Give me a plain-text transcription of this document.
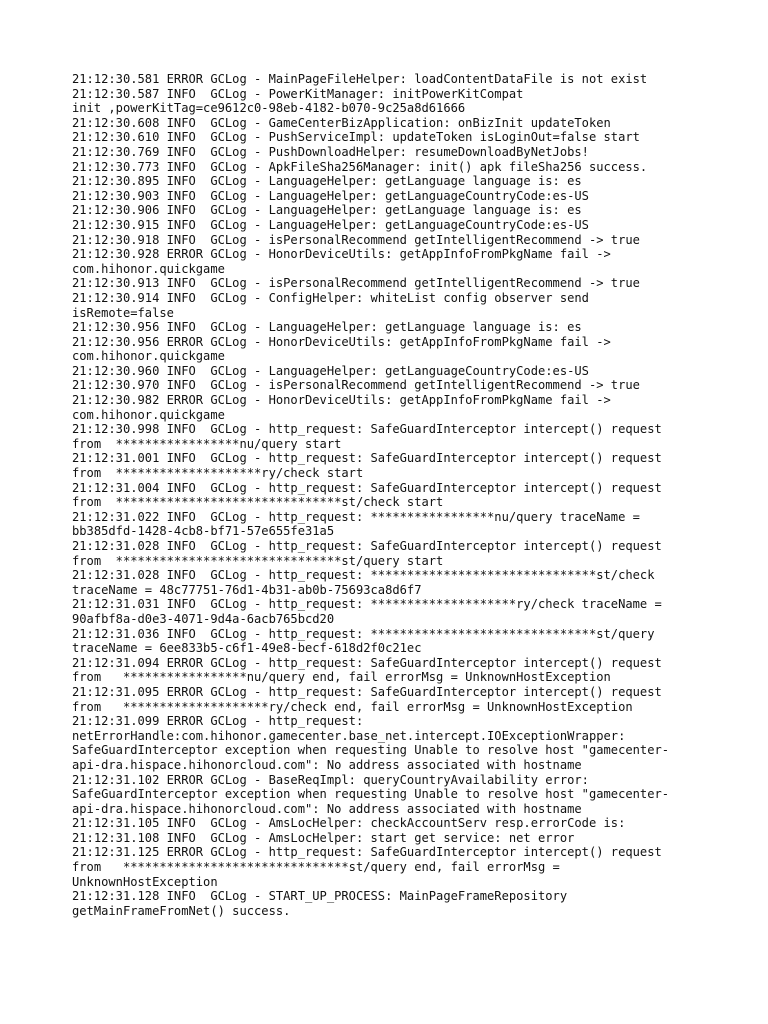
21:12:30.581 ERROR GCLog - MainPageFileHelper: loadContentDataFile is not exist
21:12:30.587 INFO  GCLog - PowerKitManager: initPowerKitCompat
init ,powerKitTag=ce9612c0-98eb-4182-b070-9c25a8d61666
21:12:30.608 INFO  GCLog - GameCenterBizApplication: onBizInit updateToken
21:12:30.610 INFO  GCLog - PushServiceImpl: updateToken isLoginOut=false start
21:12:30.769 INFO  GCLog - PushDownloadHelper: resumeDownloadByNetJobs!
21:12:30.773 INFO  GCLog - ApkFileSha256Manager: init() apk fileSha256 success.
21:12:30.895 INFO  GCLog - LanguageHelper: getLanguage language is: es
21:12:30.903 INFO  GCLog - LanguageHelper: getLanguageCountryCode:es-US
21:12:30.906 INFO  GCLog - LanguageHelper: getLanguage language is: es
21:12:30.915 INFO  GCLog - LanguageHelper: getLanguageCountryCode:es-US
21:12:30.918 INFO  GCLog - isPersonalRecommend getIntelligentRecommend -> true
21:12:30.928 ERROR GCLog - HonorDeviceUtils: getAppInfoFromPkgName fail ->
com.hihonor.quickgame
21:12:30.913 INFO  GCLog - isPersonalRecommend getIntelligentRecommend -> true
21:12:30.914 INFO  GCLog - ConfigHelper: whiteList config observer send
isRemote=false
21:12:30.956 INFO  GCLog - LanguageHelper: getLanguage language is: es
21:12:30.956 ERROR GCLog - HonorDeviceUtils: getAppInfoFromPkgName fail ->
com.hihonor.quickgame
21:12:30.960 INFO  GCLog - LanguageHelper: getLanguageCountryCode:es-US
21:12:30.970 INFO  GCLog - isPersonalRecommend getIntelligentRecommend -> true
21:12:30.982 ERROR GCLog - HonorDeviceUtils: getAppInfoFromPkgName fail ->
com.hihonor.quickgame
21:12:30.998 INFO  GCLog - http_request: SafeGuardInterceptor intercept() request
from  *****************nu/query start
21:12:31.001 INFO  GCLog - http_request: SafeGuardInterceptor intercept() request
from  ********************ry/check start
21:12:31.004 INFO  GCLog - http_request: SafeGuardInterceptor intercept() request
from  *******************************st/check start
21:12:31.022 INFO  GCLog - http_request: *****************nu/query traceName =
bb385dfd-1428-4cb8-bf71-57e655fe31a5
21:12:31.028 INFO  GCLog - http_request: SafeGuardInterceptor intercept() request
from  *******************************st/query start
21:12:31.028 INFO  GCLog - http_request: *******************************st/check
traceName = 48c77751-76d1-4b31-ab0b-75693ca8d6f7
21:12:31.031 INFO  GCLog - http_request: ********************ry/check traceName =
90afbf8a-d0e3-4071-9d4a-6acb765bcd20
21:12:31.036 INFO  GCLog - http_request: *******************************st/query
traceName = 6ee833b5-c6f1-49e8-becf-618d2f0c21ec
21:12:31.094 ERROR GCLog - http_request: SafeGuardInterceptor intercept() request
from   *****************nu/query end, fail errorMsg = UnknownHostException
21:12:31.095 ERROR GCLog - http_request: SafeGuardInterceptor intercept() request
from   ********************ry/check end, fail errorMsg = UnknownHostException
21:12:31.099 ERROR GCLog - http_request:
netErrorHandle:com.hihonor.gamecenter.base_net.intercept.IOExceptionWrapper:
SafeGuardInterceptor exception when requesting Unable to resolve host "gamecenter-
api-dra.hispace.hihonorcloud.com": No address associated with hostname
21:12:31.102 ERROR GCLog - BaseReqImpl: queryCountryAvailability error:
SafeGuardInterceptor exception when requesting Unable to resolve host "gamecenter-
api-dra.hispace.hihonorcloud.com": No address associated with hostname
21:12:31.105 INFO  GCLog - AmsLocHelper: checkAccountServ resp.errorCode is:
21:12:31.108 INFO  GCLog - AmsLocHelper: start get service: net error
21:12:31.125 ERROR GCLog - http_request: SafeGuardInterceptor intercept() request
from   *******************************st/query end, fail errorMsg =
UnknownHostException
21:12:31.128 INFO  GCLog - START_UP_PROCESS: MainPageFrameRepository
getMainFrameFromNet() success.
